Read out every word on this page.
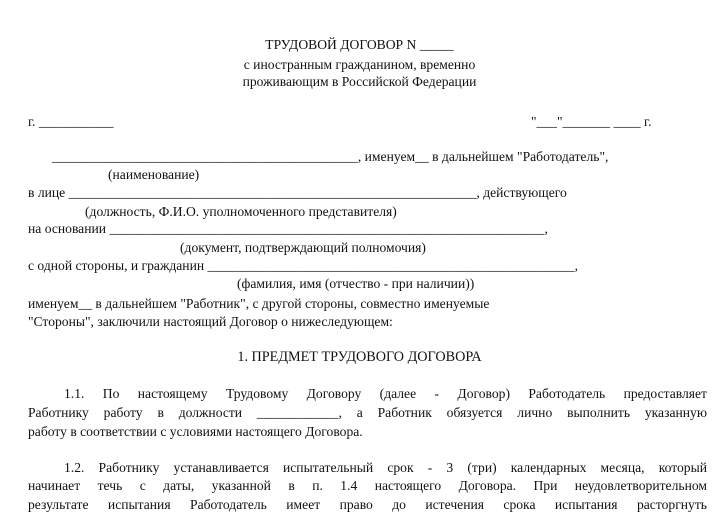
ТРУДОВОЙ ДОГОВОР N _____
с иностранным гражданином, временно
проживающим в Российской Федерации
г. ___________	"___"_______ ____ г.
_____________________________________________, именуем__ в дальнейшем "Работодатель",
(наименование)
в лице ____________________________________________________________, действующего
(должность, Ф.И.О. уполномоченного представителя)
на основании ________________________________________________________________,
(документ, подтверждающий полномочия)
с одной стороны, и гражданин ______________________________________________________,
(фамилия, имя (отчество - при наличии))
именуем__ в дальнейшем "Работник", с другой стороны, совместно именуемые
"Стороны", заключили настоящий Договор о нижеследующем:
1. ПРЕДМЕТ ТРУДОВОГО ДОГОВОРА
1.1. По настоящему Трудовому Договору (далее - Договор) Работодатель предоставляет
Работнику работу в должности ____________, а Работник обязуется лично выполнить указанную
работу в соответствии с условиями настоящего Договора.
1.2. Работнику устанавливается испытательный срок - 3 (три) календарных месяца, который
начинает течь с даты, указанной в п. 1.4 настоящего Договора. При неудовлетворительном
результате испытания Работодатель имеет право до истечения срока испытания расторгнуть
